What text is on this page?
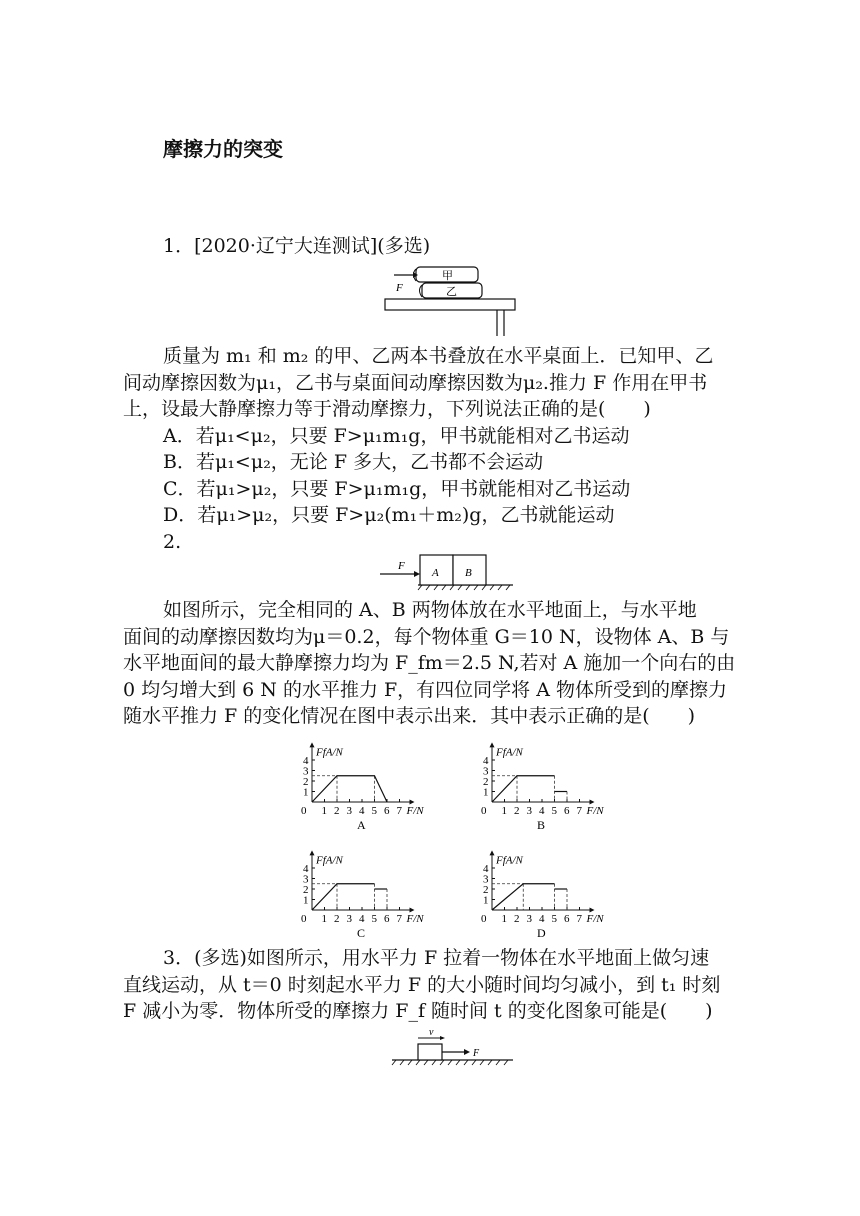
摩擦力的突变
1．[2020·辽宁大连测试](多选)
F
甲
乙
质量为 m₁ 和 m₂ 的甲、乙两本书叠放在水平桌面上．已知甲、乙
间动摩擦因数为μ₁，乙书与桌面间动摩擦因数为μ₂.推力 F 作用在甲书
上，设最大静摩擦力等于滑动摩擦力，下列说法正确的是(　　)
A．若μ₁<μ₂，只要 F>μ₁m₁g，甲书就能相对乙书运动
B．若μ₁<μ₂，无论 F 多大，乙书都不会运动
C．若μ₁>μ₂，只要 F>μ₁m₁g，甲书就能相对乙书运动
D．若μ₁>μ₂，只要 F>μ₂(m₁＋m₂)g，乙书就能运动
2.
F
A B
如图所示，完全相同的 A、B 两物体放在水平地面上，与水平地
面间的动摩擦因数均为μ＝0.2，每个物体重 G＝10 N，设物体 A、B 与
水平地面间的最大静摩擦力均为 F_fm＝2.5 N,若对 A 施加一个向右的由
0 均匀增大到 6 N 的水平推力 F，有四位同学将 A 物体所受到的摩擦力
随水平推力 F 的变化情况在图中表示出来．其中表示正确的是(　　)
1
2
3
4
1 2 3 4 5 6 7
0
FfA/N
F/N
A
1
2
3
4
1 2 3 4 5 6 7
0
FfA/N
F/N
B
1
2
3
4
1 2 3 4 5 6 7
0
FfA/N
F/N
C
1
2
3
4
1 2 3 4 5 6 7
0
FfA/N
F/N
D
3．(多选)如图所示，用水平力 F 拉着一物体在水平地面上做匀速
直线运动，从 t＝0 时刻起水平力 F 的大小随时间均匀减小，到 t₁ 时刻
F 减小为零．物体所受的摩擦力 F_f 随时间 t 的变化图象可能是(　　)
v
F
